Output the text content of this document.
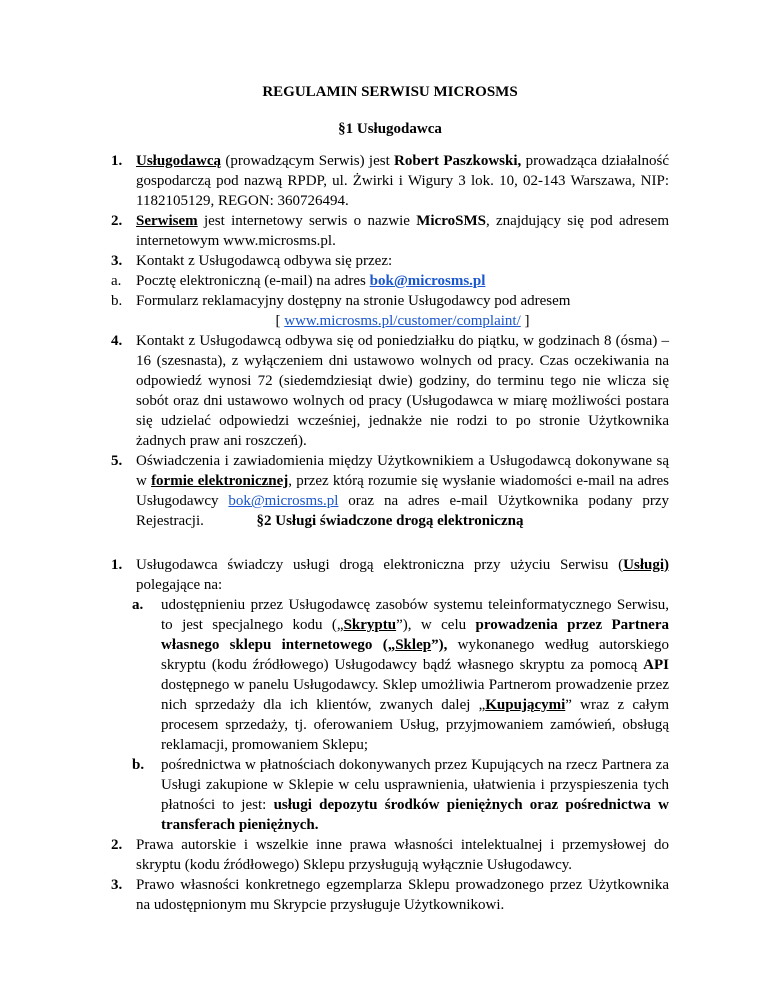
REGULAMIN SERWISU MICROSMS
§1 Usługodawca
1. Usługodawcą (prowadzącym Serwis) jest Robert Paszkowski, prowadząca działalność gospodarczą pod nazwą RPDP, ul. Żwirki i Wigury 3 lok. 10, 02-143 Warszawa, NIP: 1182105129, REGON: 360726494.
2. Serwisem jest internetowy serwis o nazwie MicroSMS, znajdujący się pod adresem internetowym www.microsms.pl.
3. Kontakt z Usługodawcą odbywa się przez:
a. Pocztę elektroniczną (e-mail) na adres bok@microsms.pl
b. Formularz reklamacyjny dostępny na stronie Usługodawcy pod adresem
[ www.microsms.pl/customer/complaint/ ]
4. Kontakt z Usługodawcą odbywa się od poniedziałku do piątku, w godzinach 8 (ósma) – 16 (szesnasta), z wyłączeniem dni ustawowo wolnych od pracy. Czas oczekiwania na odpowiedź wynosi 72 (siedemdziesiąt dwie) godziny, do terminu tego nie wlicza się sobót oraz dni ustawowo wolnych od pracy (Usługodawca w miarę możliwości postara się udzielać odpowiedzi wcześniej, jednakże nie rodzi to po stronie Użytkownika żadnych praw ani roszczeń).
5. Oświadczenia i zawiadomienia między Użytkownikiem a Usługodawcą dokonywane są w formie elektronicznej, przez którą rozumie się wysłanie wiadomości e-mail na adres Usługodawcy bok@microsms.pl oraz na adres e-mail Użytkownika podany przy Rejestracji.	§2 Usługi świadczone drogą elektroniczną
1. Usługodawca świadczy usługi drogą elektroniczna przy użyciu Serwisu (Usługi) polegające na:
a. udostępnieniu przez Usługodawcę zasobów systemu teleinformatycznego Serwisu, to jest specjalnego kodu („Skryptu”), w celu prowadzenia przez Partnera własnego sklepu internetowego („Sklep”), wykonanego według autorskiego skryptu (kodu źródłowego) Usługodawcy bądź własnego skryptu za pomocą API dostępnego w panelu Usługodawcy. Sklep umożliwia Partnerom prowadzenie przez nich sprzedaży dla ich klientów, zwanych dalej „Kupującymi” wraz z całym procesem sprzedaży, tj. oferowaniem Usług, przyjmowaniem zamówień, obsługą reklamacji, promowaniem Sklepu;
b. pośrednictwa w płatnościach dokonywanych przez Kupujących na rzecz Partnera za Usługi zakupione w Sklepie w celu usprawnienia, ułatwienia i przyspieszenia tych płatności to jest: usługi depozytu środków pieniężnych oraz pośrednictwa w transferach pieniężnych.
2. Prawa autorskie i wszelkie inne prawa własności intelektualnej i przemysłowej do skryptu (kodu źródłowego) Sklepu przysługują wyłącznie Usługodawcy.
3. Prawo własności konkretnego egzemplarza Sklepu prowadzonego przez Użytkownika na udostępnionym mu Skrypcie przysługuje Użytkownikowi.
